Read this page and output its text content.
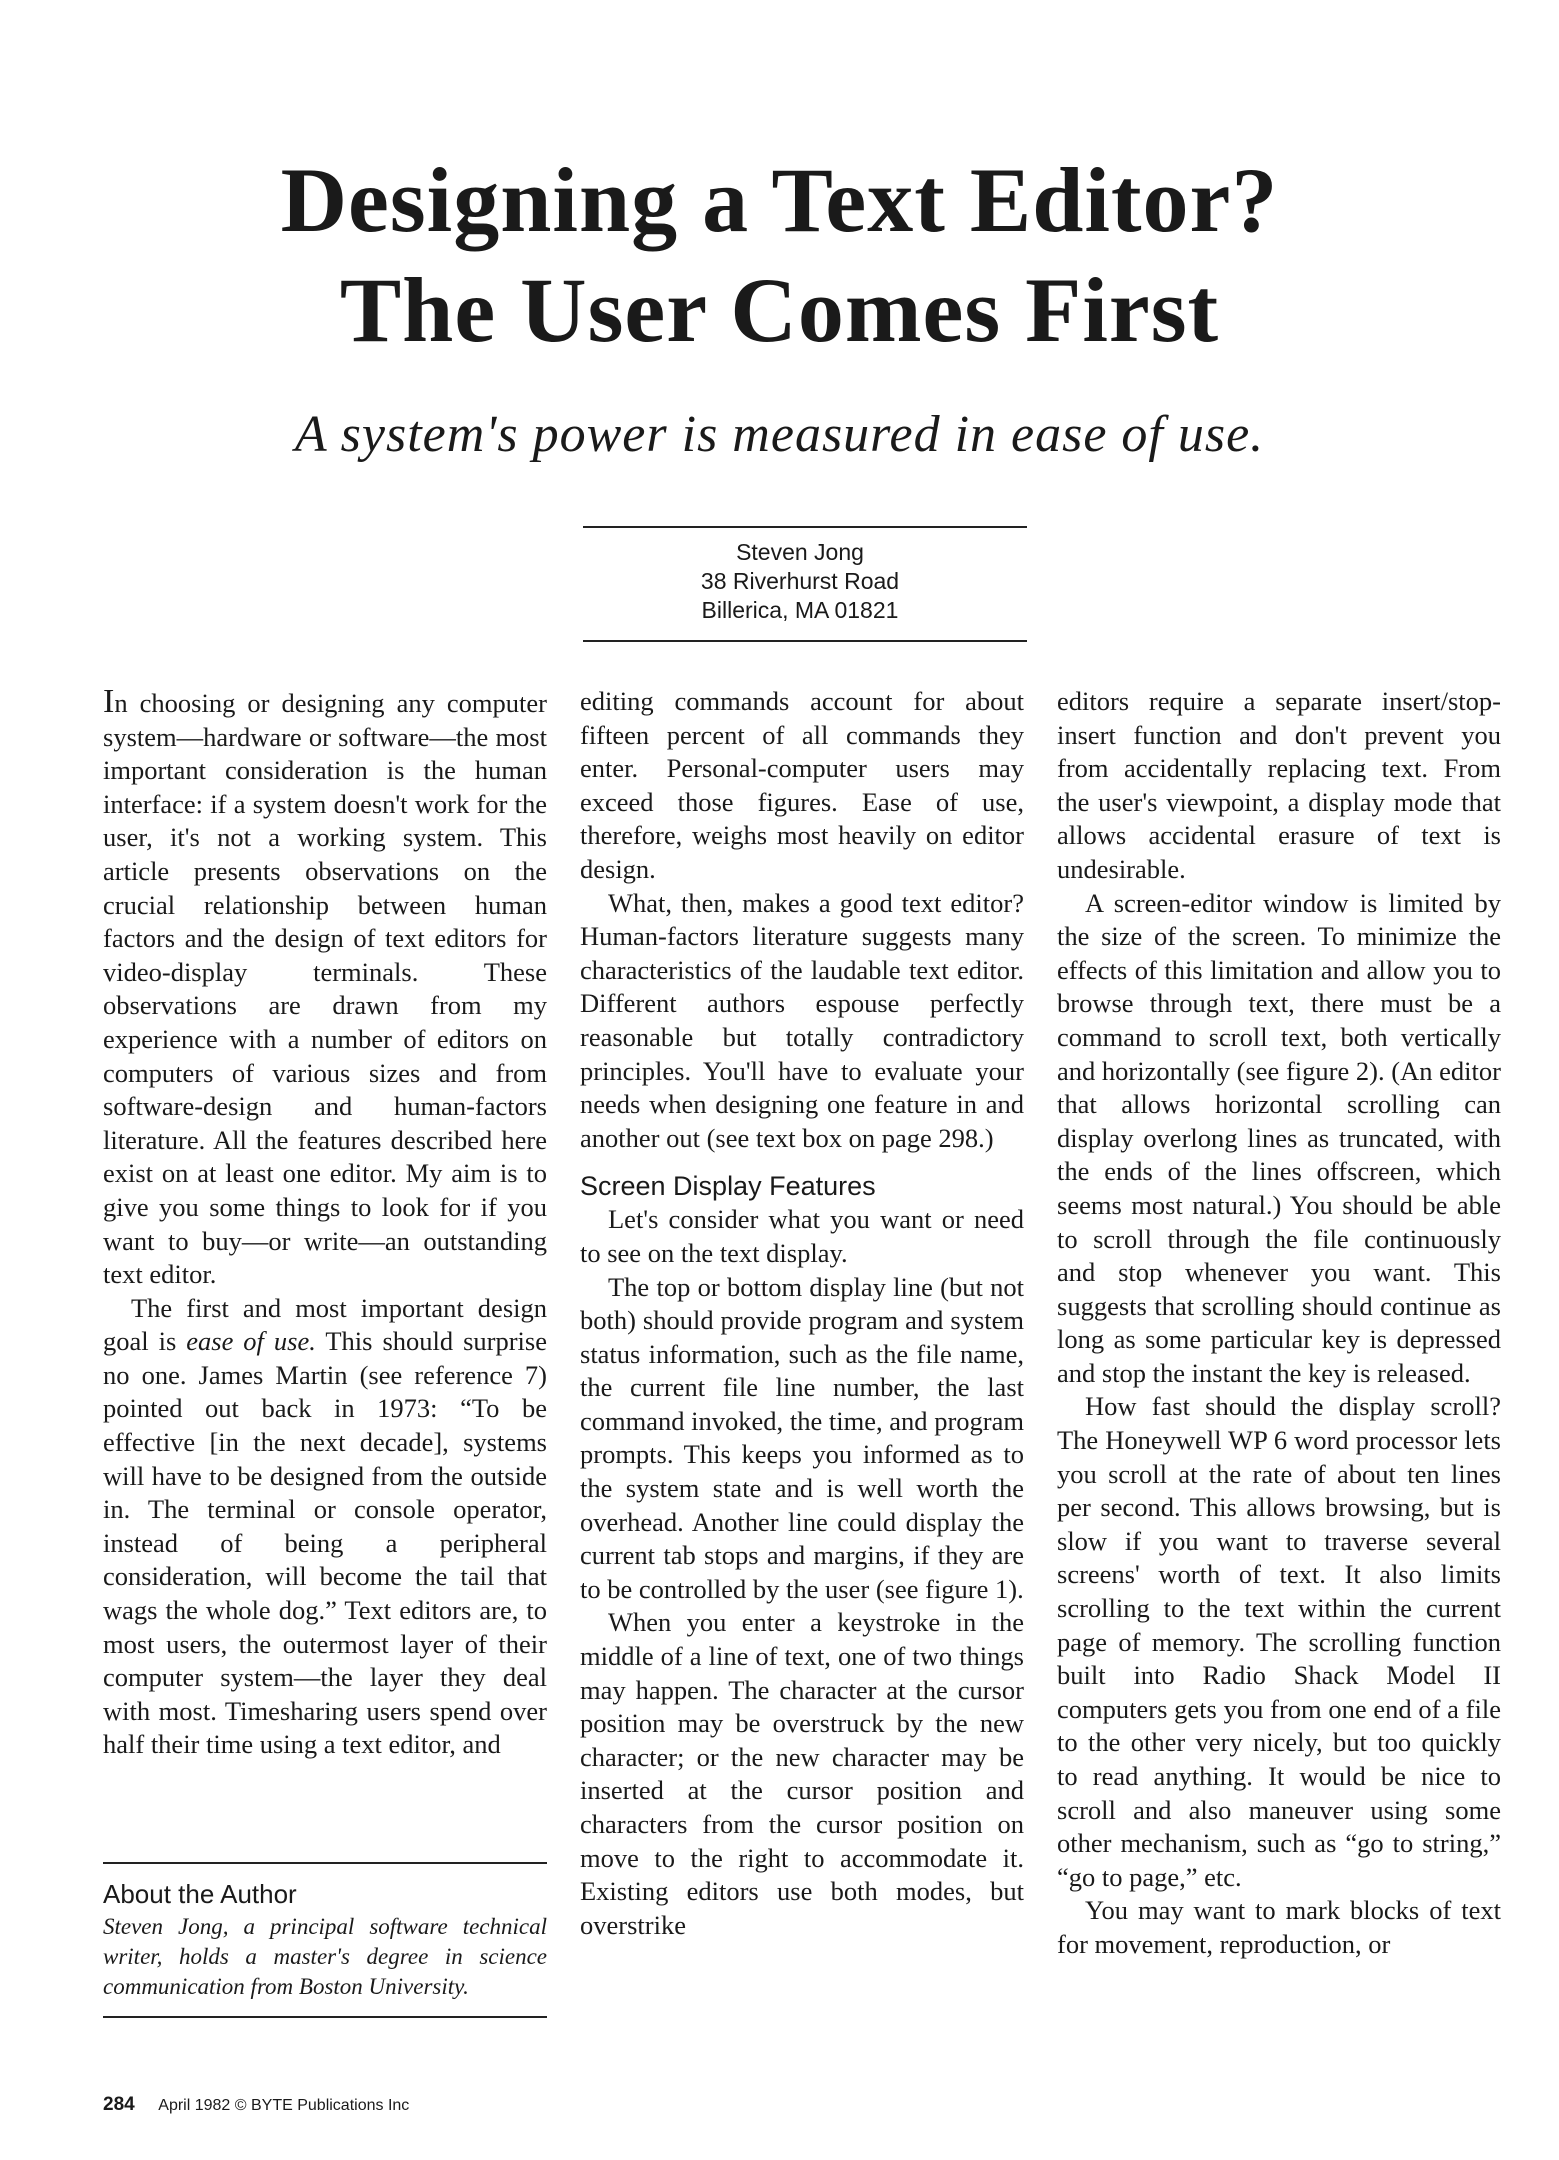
Designing a Text Editor?
The User Comes First
A system's power is measured in ease of use.
Steven Jong
38 Riverhurst Road
Billerica, MA 01821

In choosing or designing any computer system—hardware or software—the most important consideration is the human interface: if a system doesn't work for the user, it's not a working system. This article presents observations on the crucial relationship between human factors and the design of text editors for video-display terminals. These observations are drawn from my experience with a number of editors on computers of various sizes and from software-design and human-factors literature. All the features described here exist on at least one editor. My aim is to give you some things to look for if you want to buy—or write—an outstanding text editor.

The first and most important design goal is ease of use. This should surprise no one. James Martin (see reference 7) pointed out back in 1973: “To be effective [in the next decade], systems will have to be designed from the outside in. The terminal or console operator, instead of being a peripheral consideration, will become the tail that wags the whole dog.” Text editors are, to most users, the outermost layer of their computer system—the layer they deal with most. Timesharing users spend over half their time using a text editor, and

About the Author

Steven Jong, a principal software technical writer, holds a master's degree in science communication from Boston University.

editing commands account for about fifteen percent of all commands they enter. Personal-computer users may exceed those figures. Ease of use, therefore, weighs most heavily on editor design.

What, then, makes a good text editor? Human-factors literature suggests many characteristics of the laudable text editor. Different authors espouse perfectly reasonable but totally contradictory principles. You'll have to evaluate your needs when designing one feature in and another out (see text box on page 298.)

Screen Display Features

Let's consider what you want or need to see on the text display.

The top or bottom display line (but not both) should provide program and system status information, such as the file name, the current file line number, the last command invoked, the time, and program prompts. This keeps you informed as to the system state and is well worth the overhead. Another line could display the current tab stops and margins, if they are to be controlled by the user (see figure 1).

When you enter a keystroke in the middle of a line of text, one of two things may happen. The character at the cursor position may be overstruck by the new character; or the new character may be inserted at the cursor position and characters from the cursor position on move to the right to accommodate it. Existing editors use both modes, but overstrike

editors require a separate insert/stop-insert function and don't prevent you from accidentally replacing text. From the user's viewpoint, a display mode that allows accidental erasure of text is undesirable.

A screen-editor window is limited by the size of the screen. To minimize the effects of this limitation and allow you to browse through text, there must be a command to scroll text, both vertically and horizontally (see figure 2). (An editor that allows horizontal scrolling can display overlong lines as truncated, with the ends of the lines offscreen, which seems most natural.) You should be able to scroll through the file continuously and stop whenever you want. This suggests that scrolling should continue as long as some particular key is depressed and stop the instant the key is released.

How fast should the display scroll? The Honeywell WP 6 word processor lets you scroll at the rate of about ten lines per second. This allows browsing, but is slow if you want to traverse several screens' worth of text. It also limits scrolling to the text within the current page of memory. The scrolling function built into Radio Shack Model II computers gets you from one end of a file to the other very nicely, but too quickly to read anything. It would be nice to scroll and also maneuver using some other mechanism, such as “go to string,” “go to page,” etc.

You may want to mark blocks of text for movement, reproduction, or

284 April 1982 © BYTE Publications Inc
